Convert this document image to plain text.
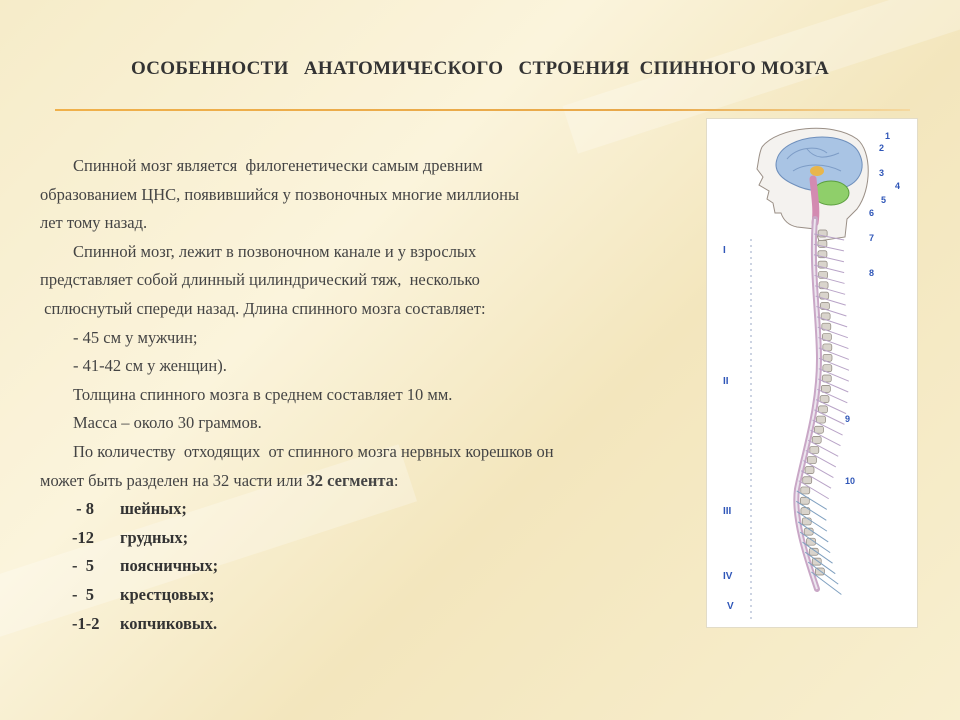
ОСОБЕННОСТИ   АНАТОМИЧЕСКОГО   СТРОЕНИЯ  СПИННОГО МОЗГА
Спинной мозг является  филогенетически самым древним
образованием ЦНС, появившийся у позвоночных многие миллионы
лет тому назад.
Спинной мозг, лежит в позвоночном канале и у взрослых
представляет собой длинный цилиндрический тяж,  несколько
сплюснутый спереди назад. Длина спинного мозга составляет:
- 45 см у мужчин;
- 41-42 см у женщин).
Толщина спинного мозга в среднем составляет 10 мм.
Масса – около 30 граммов.
По количеству  отходящих  от спинного мозга нервных корешков он
может быть разделен на 32 части или 32 сегмента:
- 8 шейных;
-12 грудных;
-  5 поясничных;
-  5 крестцовых;
-1-2 копчиковых.
1
2
3
4
5
6
7
8
9
10
I
II
III
IV
V
